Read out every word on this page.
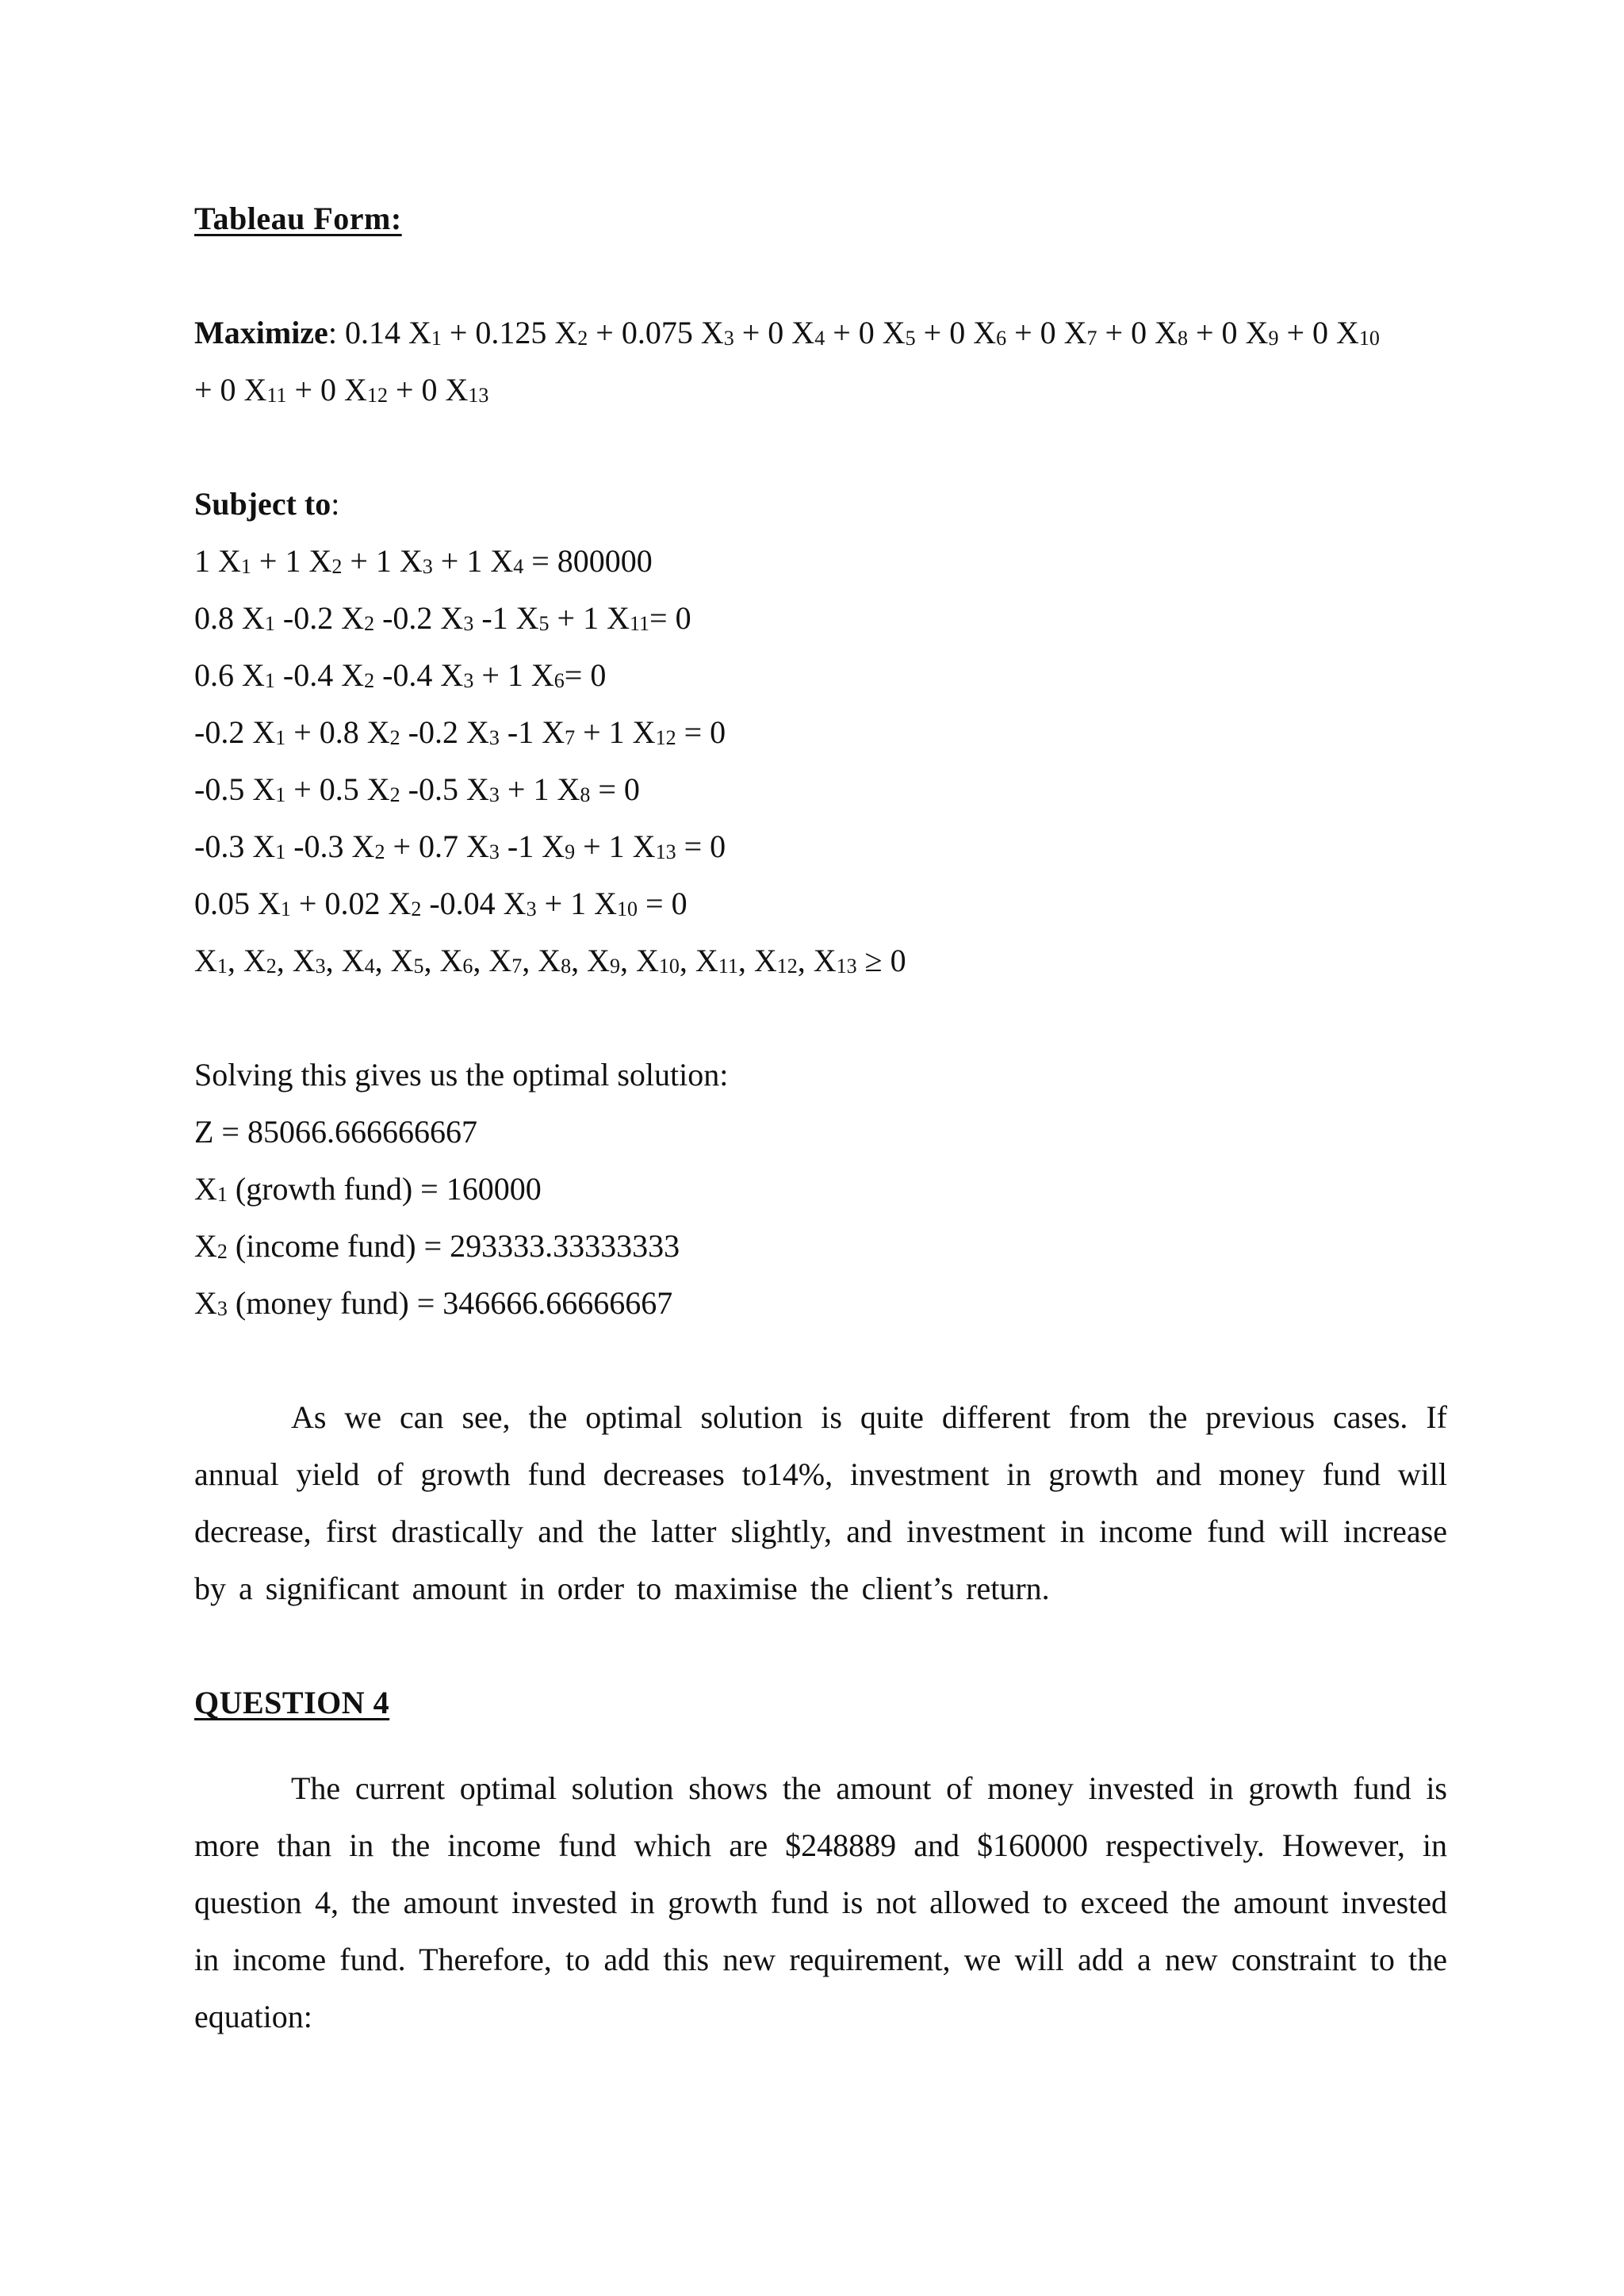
Tableau Form:

Maximize: 0.14 $X_1 + 0.125$ $X_2 + 0.075$ $X_3 + 0$ $X_4 + 0$ $X_5 + 0$ $X_6 + 0$ $X_7 + 0$ $X_8 + 0$ $X_9 + 0$ $X_{10}$

+ 0 $X_{11} + 0$ $X_{12} + 0$ $X_{13}$

Subject to:

1 $X_1 + 1$ $X_2 + 1$ $X_3 + 1$ $X_4 = 800000$

0.8 $X_1$ -0.2 $X_2$ -0.2 $X_3$ -1 $X_5 + 1$ $X_{11}= 0$

0.6 $X_1$ -0.4 $X_2$ -0.4 $X_3 + 1$ $X_6= 0$

-0.2 $X_1 + 0.8$ $X_2$ -0.2 $X_3$ -1 $X_7 + 1$ $X_{12} = 0$

-0.5 $X_1 + 0.5$ $X_2$ -0.5 $X_3 + 1$ $X_8 = 0$

-0.3 $X_1$ -0.3 $X_2 + 0.7$ $X_3$ -1 $X_9 + 1$ $X_{13} = 0$

0.05 $X_1 + 0.02$ $X_2$ -0.04 $X_3 + 1$ $X_{10} = 0$

$X_1$, $X_2$, $X_3$, $X_4$, $X_5$, $X_6$, $X_7$, $X_8$, $X_9$, $X_{10}$, $X_{11}$, $X_{12}$, $X_{13} \ge 0$

Solving this gives us the optimal solution:

Z = 85066.666666667

$X_1$ (growth fund) = 160000

$X_2$ (income fund) = 293333.33333333

$X_3$ (money fund) = 346666.66666667

As we can see, the optimal solution is quite different from the previous cases. If annual yield of growth fund decreases to14%, investment in growth and money fund will decrease, first drastically and the latter slightly, and investment in income fund will increase by a significant amount in order to maximise the client’s return.

QUESTION 4

The current optimal solution shows the amount of money invested in growth fund is more than in the income fund which are $248889 and $160000 respectively. However, in question 4, the amount invested in growth fund is not allowed to exceed the amount invested in income fund. Therefore, to add this new requirement, we will add a new constraint to the equation:
